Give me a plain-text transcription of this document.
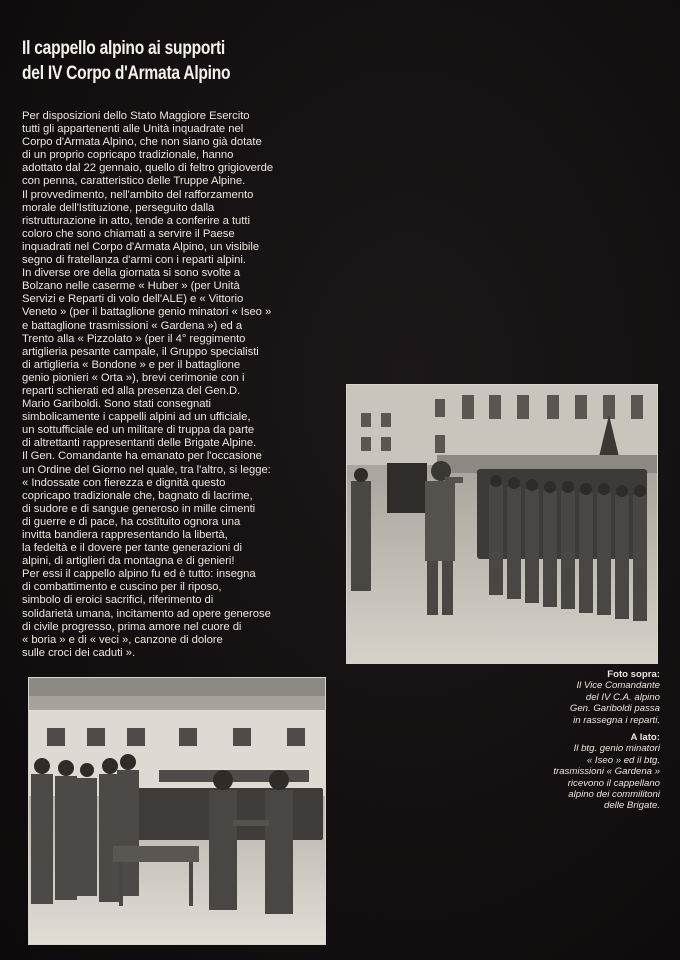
Il cappello alpino ai supporti
del IV Corpo d'Armata Alpino

Per disposizioni dello Stato Maggiore Esercito

tutti gli appartenenti alle Unità inquadrate nel

Corpo d'Armata Alpino, che non siano già dotate

di un proprio copricapo tradizionale, hanno

adottato dal 22 gennaio, quello di feltro grigioverde

con penna, caratteristico delle Truppe Alpine.

Il provvedimento, nell'ambito del rafforzamento

morale dell'Istituzione, perseguito dalla

ristrutturazione in atto, tende a conferire a tutti

coloro che sono chiamati a servire il Paese

inquadrati nel Corpo d'Armata Alpino, un visibile

segno di fratellanza d'armi con i reparti alpini.

In diverse ore della giornata si sono svolte a

Bolzano nelle caserme « Huber » (per Unità

Servizi e Reparti di volo dell'ALE) e « Vittorio

Veneto » (per il battaglione genio minatori « Iseo »

e battaglione trasmissioni « Gardena ») ed a

Trento alla « Pizzolato » (per il 4° reggimento

artiglieria pesante campale, il Gruppo specialisti

di artiglieria « Bondone » e per il battaglione

genio pionieri « Orta »), brevi cerimonie con i

reparti schierati ed alla presenza del Gen.D.

Mario Gariboldi. Sono stati consegnati

simbolicamente i cappelli alpini ad un ufficiale,

un sottufficiale ed un militare di truppa da parte

di altrettanti rappresentanti delle Brigate Alpine.

Il Gen. Comandante ha emanato per l'occasione

un Ordine del Giorno nel quale, tra l'altro, si legge:

« Indossate con fierezza e dignità questo

copricapo tradizionale che, bagnato di lacrime,

di sudore e di sangue generoso in mille cimenti

di guerre e di pace, ha costituito ognora una

invitta bandiera rappresentando la libertà,

la fedeltà e il dovere per tante generazioni di

alpini, di artiglieri da montagna e di genieri!

Per essi il cappello alpino fu ed è tutto: insegna

di combattimento e cuscino per il riposo,

simbolo di eroici sacrifici, riferimento di

solidarietà umana, incitamento ad opere generose

di civile progresso, prima amore nel cuore di

« boria » e di « veci », canzone di dolore

sulle croci dei caduti ».

Foto sopra:
Il Vice Comandante
del IV C.A. alpino
Gen. Gariboldi passa
in rassegna i reparti.
A lato:
Il btg. genio minatori
« Iseo » ed il btg.
trasmissioni « Gardena »
ricevono il cappellano
alpino dei commilitoni
delle Brigate.
